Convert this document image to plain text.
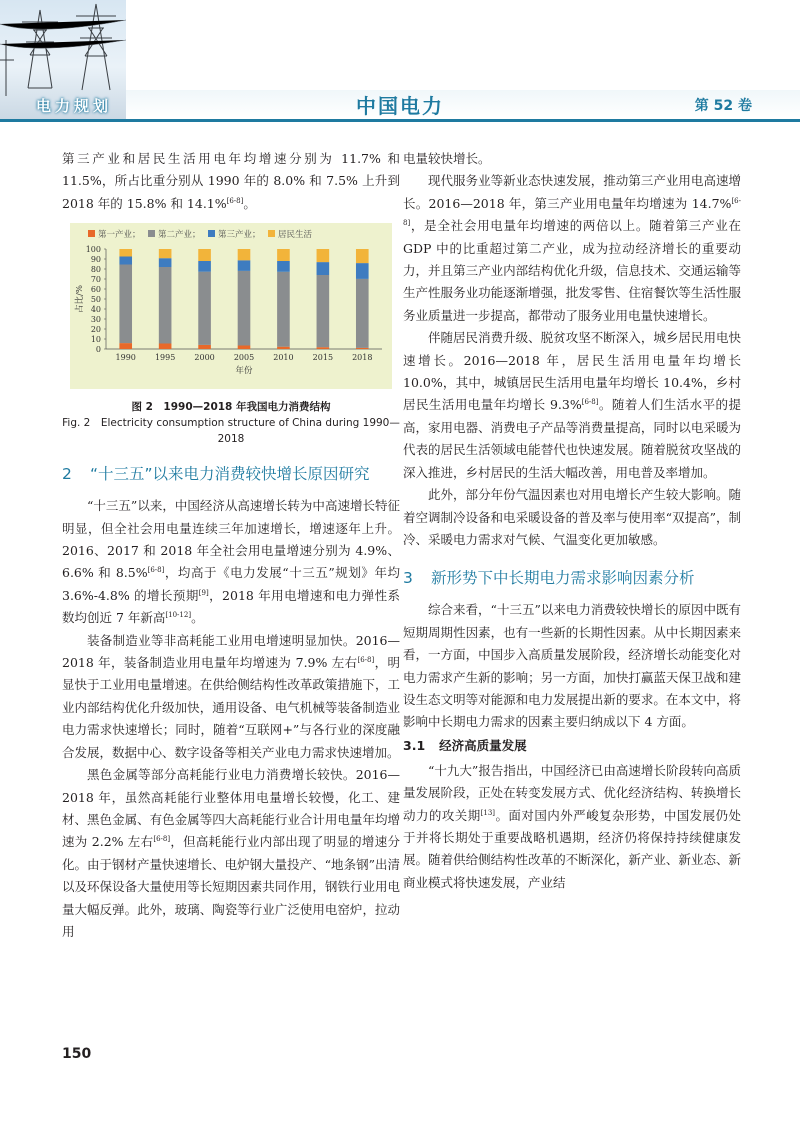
电力规划	中国电力	第 52 卷

第三产业和居民生活用电年均增速分别为 11.7% 和 11.5%，所占比重分别从 1990 年的 8.0% 和 7.5% 上升到 2018 年的 15.8% 和 14.1%[6-8]。

第一产业； 第二产业； 第三产业； 居民生活
0
10
20
30
40
50
60
70
80
90
100
占比/%
1990 1995 2000 2005 2010 2015 2018
年份
图 2　1990—2018 年我国电力消费结构
Fig. 2　Electricity consumption structure of China during 1990—2018
2	“十三五”以来电力消费较快增长原因研究

“十三五”以来，中国经济从高速增长转为中高速增长特征明显，但全社会用电量连续三年加速增长，增速逐年上升。2016、2017 和 2018 年全社会用电量增速分别为 4.9%、6.6% 和 8.5%[6-8]，均高于《电力发展“十三五”规划》年均 3.6%-4.8% 的增长预期[9]，2018 年用电增速和电力弹性系数均创近 7 年新高[10-12]。

装备制造业等非高耗能工业用电增速明显加快。2016—2018 年，装备制造业用电量年均增速为 7.9% 左右[6-8]，明显快于工业用电量增速。在供给侧结构性改革政策措施下，工业内部结构优化升级加快，通用设备、电气机械等装备制造业电力需求快速增长；同时，随着“互联网+”与各行业的深度融合发展，数据中心、数字设备等相关产业电力需求快速增加。

黑色金属等部分高耗能行业电力消费增长较快。2016—2018 年，虽然高耗能行业整体用电量增长较慢，化工、建材、黑色金属、有色金属等四大高耗能行业合计用电量年均增速为 2.2% 左右[6-8]，但高耗能行业内部出现了明显的增速分化。由于钢材产量快速增长、电炉钢大量投产、“地条钢”出清以及环保设备大量使用等长短期因素共同作用，钢铁行业用电量大幅反弹。此外，玻璃、陶瓷等行业广泛使用电窑炉，拉动用

电量较快增长。

现代服务业等新业态快速发展，推动第三产业用电高速增长。2016—2018 年，第三产业用电量年均增速为 14.7%[6-8]，是全社会用电量年均增速的两倍以上。随着第三产业在 GDP 中的比重超过第二产业，成为拉动经济增长的重要动力，并且第三产业内部结构优化升级，信息技术、交通运输等生产性服务业功能逐渐增强，批发零售、住宿餐饮等生活性服务业质量进一步提高，都带动了服务业用电量快速增长。

伴随居民消费升级、脱贫攻坚不断深入，城乡居民用电快速增长。2016—2018 年，居民生活用电量年均增长 10.0%，其中，城镇居民生活用电量年均增长 10.4%，乡村居民生活用电量年均增长 9.3%[6-8]。随着人们生活水平的提高，家用电器、消费电子产品等消费量提高，同时以电采暖为代表的居民生活领域电能替代也快速发展。随着脱贫攻坚战的深入推进，乡村居民的生活大幅改善，用电普及率增加。

此外，部分年份气温因素也对用电增长产生较大影响。随着空调制冷设备和电采暖设备的普及率与使用率“双提高”，制冷、采暖电力需求对气候、气温变化更加敏感。

3	新形势下中长期电力需求影响因素分析

综合来看，“十三五”以来电力消费较快增长的原因中既有短期周期性因素，也有一些新的长期性因素。从中长期因素来看，一方面，中国步入高质量发展阶段，经济增长动能变化对电力需求产生新的影响；另一方面，加快打赢蓝天保卫战和建设生态文明等对能源和电力发展提出新的要求。在本文中，将影响中长期电力需求的因素主要归纳成以下 4 方面。

3.1 经济高质量发展

“十九大”报告指出，中国经济已由高速增长阶段转向高质量发展阶段，正处在转变发展方式、优化经济结构、转换增长动力的攻关期[13]。面对国内外严峻复杂形势，中国发展仍处于并将长期处于重要战略机遇期，经济仍将保持持续健康发展。随着供给侧结构性改革的不断深化，新产业、新业态、新商业模式将快速发展，产业结

150
